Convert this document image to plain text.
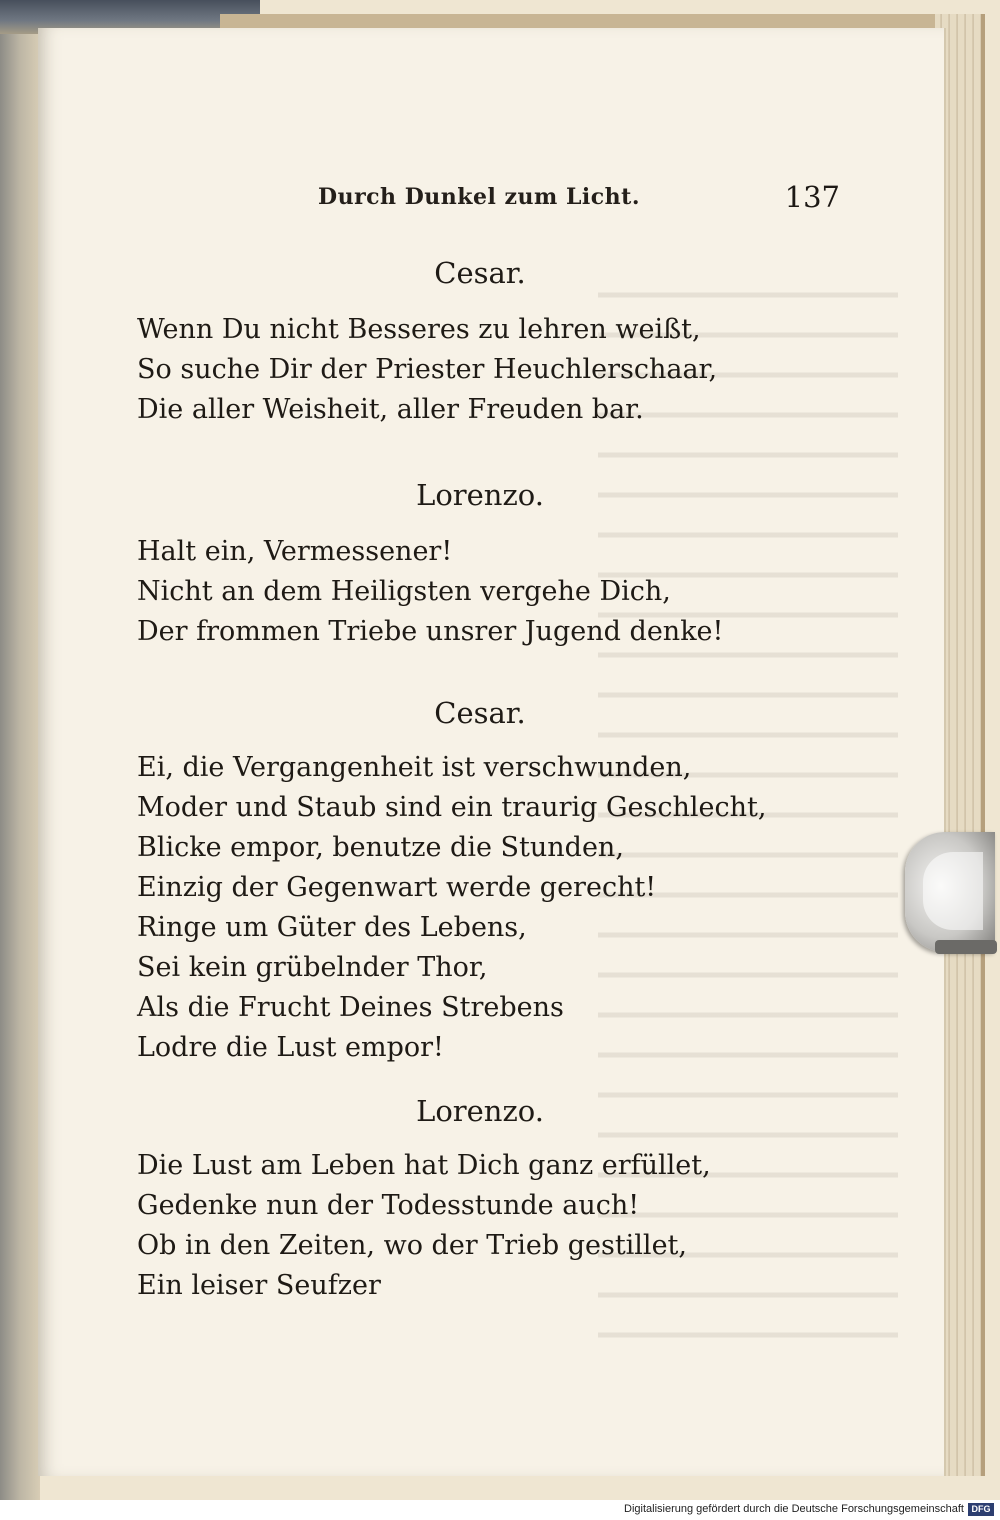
Durch Dunkel zum Licht.	137
Cesar.
Wenn Du nicht Besseres zu lehren weißt,
So suche Dir der Priester Heuchlerschaar,
Die aller Weisheit, aller Freuden bar.
Lorenzo.
Halt ein, Vermessener!
Nicht an dem Heiligsten vergehe Dich,
Der frommen Triebe unsrer Jugend denke!
Cesar.
Ei, die Vergangenheit ist verschwunden,
Moder und Staub sind ein traurig Geschlecht,
Blicke empor, benutze die Stunden,
Einzig der Gegenwart werde gerecht!
Ringe um Güter des Lebens,
Sei kein grübelnder Thor,
Als die Frucht Deines Strebens
Lodre die Lust empor!
Lorenzo.
Die Lust am Leben hat Dich ganz erfüllet,
Gedenke nun der Todesstunde auch!
Ob in den Zeiten, wo der Trieb gestillet,
Ein leiser Seufzer
Digitalisierung gefördert durch die Deutsche Forschungsgemeinschaft DFG
